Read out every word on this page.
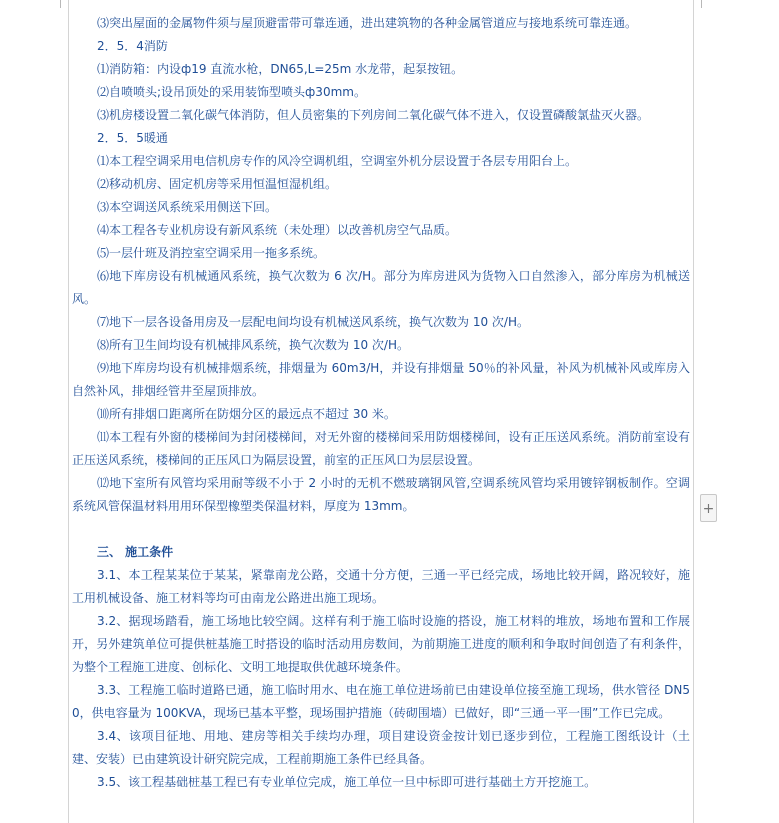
⑶突出屋面的金属物件须与屋顶避雷带可靠连通，进出建筑物的各种金属管道应与接地系统可靠连通。

2．5．4消防

⑴消防箱：内设ф19 直流水枪，DN65,L=25m 水龙带，起泵按钮。

⑵自喷喷头;设吊顶处的采用装饰型喷头ф30mm。

⑶机房楼设置二氧化碳气体消防，但人员密集的下列房间二氧化碳气体不进入，仅设置磷酸氯盐灭火器。

2．5．5暖通

⑴本工程空调采用电信机房专作的风冷空调机组，空调室外机分层设置于各层专用阳台上。

⑵移动机房、固定机房等采用恒温恒湿机组。

⑶本空调送风系统采用侧送下回。

⑷本工程各专业机房设有新风系统（未处理）以改善机房空气品质。

⑸一层什班及消控室空调采用一拖多系统。

⑹地下库房设有机械通风系统，换气次数为 6 次/H。部分为库房进风为货物入口自然渗入，部分库房为机械送风。

⑺地下一层各设备用房及一层配电间均设有机械送风系统，换气次数为 10 次/H。

⑻所有卫生间均设有机械排风系统，换气次数为 10 次/H。

⑼地下库房均设有机械排烟系统，排烟量为 60m3/H，并设有排烟量 50％的补风量，补风为机械补风或库房入自然补风，排烟经管井至屋顶排放。

⑽所有排烟口距离所在防烟分区的最远点不超过 30 米。

⑾本工程有外窗的楼梯间为封闭楼梯间，对无外窗的楼梯间采用防烟楼梯间，设有正压送风系统。消防前室设有正压送风系统，楼梯间的正压风口为隔层设置，前室的正压风口为层层设置。

⑿地下室所有风管均采用耐等级不小于 2 小时的无机不燃玻璃钢风管,空调系统风管均采用镀锌钢板制作。空调系统风管保温材料用用环保型橡塑类保温材料，厚度为 13mm。

三、 施工条件

3.1、本工程某某位于某某，紧靠南龙公路，交通十分方便，三通一平已经完成，场地比较开阔，路况较好，施工用机械设备、施工材料等均可由南龙公路进出施工现场。

3.2、据现场踏看，施工场地比较空阔。这样有利于施工临时设施的搭设，施工材料的堆放，场地布置和工作展开，另外建筑单位可提供桩基施工时搭设的临时活动用房数间，为前期施工进度的顺利和争取时间创造了有利条件，为整个工程施工进度、创标化、文明工地提取供优越环境条件。

3.3、工程施工临时道路已通，施工临时用水、电在施工单位进场前已由建设单位接至施工现场，供水管径 DN50，供电容量为 100KVA，现场已基本平整，现场围护措施（砖砌围墙）已做好，即“三通一平一围”工作已完成。

3.4、该项目征地、用地、建房等相关手续均办理，项目建设资金按计划已逐步到位，工程施工图纸设计（土建、安装）已由建筑设计研究院完成，工程前期施工条件已经具备。

3.5、该工程基础桩基工程已有专业单位完成，施工单位一旦中标即可进行基础土方开挖施工。

+
